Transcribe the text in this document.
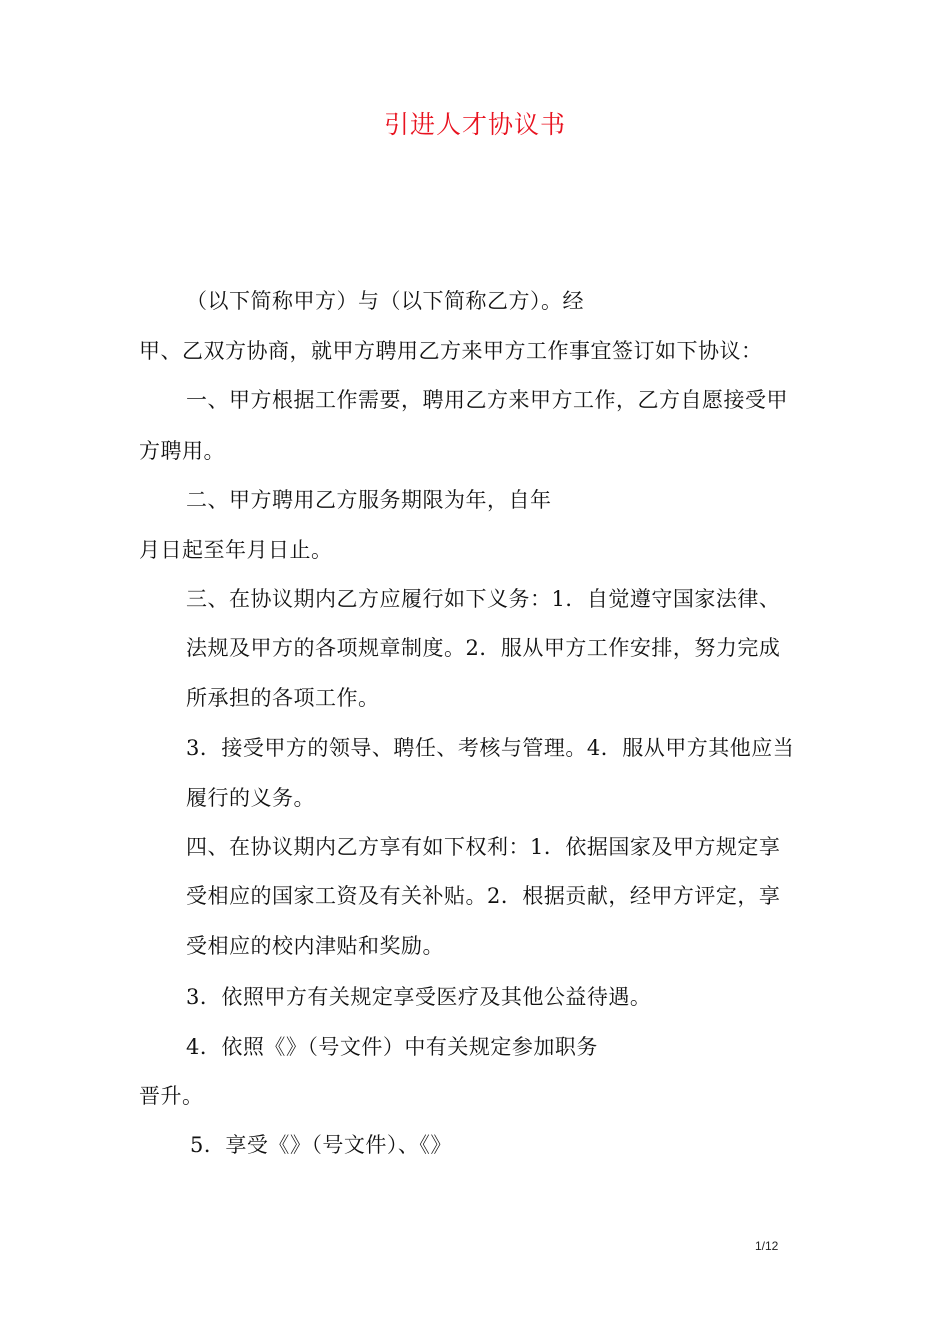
引进人才协议书
（以下简称甲方）与（以下简称乙方）。经
甲、乙双方协商，就甲方聘用乙方来甲方工作事宜签订如下协议：
一、甲方根据工作需要，聘用乙方来甲方工作，乙方自愿接受甲
方聘用。
二、甲方聘用乙方服务期限为年，自年
月日起至年月日止。
三、在协议期内乙方应履行如下义务：1．自觉遵守国家法律、
法规及甲方的各项规章制度。2．服从甲方工作安排，努力完成
所承担的各项工作。
3．接受甲方的领导、聘任、考核与管理。4．服从甲方其他应当
履行的义务。
四、在协议期内乙方享有如下权利：1．依据国家及甲方规定享
受相应的国家工资及有关补贴。2．根据贡献，经甲方评定，享
受相应的校内津贴和奖励。
3．依照甲方有关规定享受医疗及其他公益待遇。
4．依照《》（号文件）中有关规定参加职务
晋升。
5．享受《》（号文件）、《》
1/12
